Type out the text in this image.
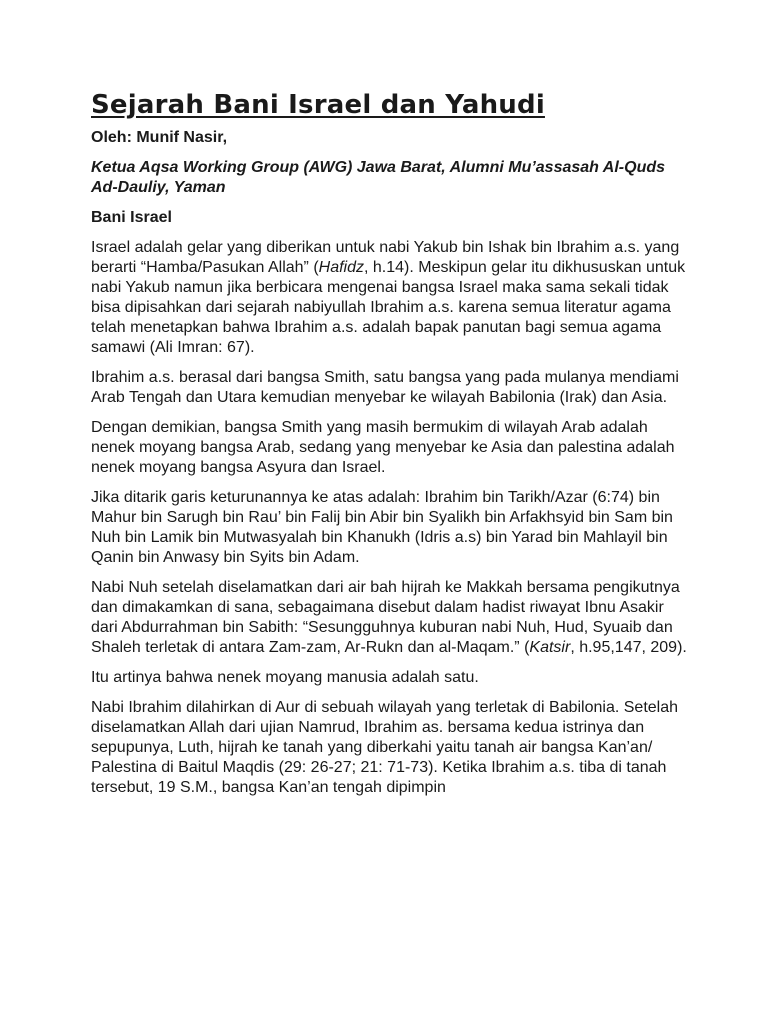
Sejarah Bani Israel dan Yahudi
Oleh: Munif Nasir,
Ketua Aqsa Working Group (AWG) Jawa Barat, Alumni Mu’assasah Al-Quds Ad-Dauliy, Yaman
Bani Israel

Israel adalah gelar yang diberikan untuk nabi Yakub bin Ishak bin Ibrahim a.s. yang berarti “Hamba/Pasukan Allah” (Hafidz, h.14). Meskipun gelar itu dikhususkan untuk nabi Yakub namun jika berbicara mengenai bangsa Israel maka sama sekali tidak bisa dipisahkan dari sejarah nabiyullah Ibrahim a.s. karena semua literatur agama telah menetapkan bahwa Ibrahim a.s. adalah bapak panutan bagi semua agama samawi (Ali Imran: 67).

Ibrahim a.s. berasal dari bangsa Smith, satu bangsa yang pada mulanya mendiami Arab Tengah dan Utara kemudian menyebar ke wilayah Babilonia (Irak) dan Asia.

Dengan demikian, bangsa Smith yang masih bermukim di wilayah Arab adalah nenek moyang bangsa Arab, sedang yang menyebar ke Asia dan palestina adalah nenek moyang bangsa Asyura dan Israel.

Jika ditarik garis keturunannya ke atas adalah: Ibrahim bin Tarikh/Azar (6:74) bin Mahur bin Sarugh bin Rau’ bin Falij bin Abir bin Syalikh bin Arfakhsyid bin Sam bin Nuh bin Lamik bin Mutwasyalah bin Khanukh (Idris a.s) bin Yarad bin Mahlayil bin Qanin bin Anwasy bin Syits bin Adam.

Nabi Nuh setelah diselamatkan dari air bah hijrah ke Makkah bersama pengikutnya dan dimakamkan di sana, sebagaimana disebut dalam hadist riwayat Ibnu Asakir dari Abdurrahman bin Sabith: “Sesungguhnya kuburan nabi Nuh, Hud, Syuaib dan Shaleh terletak di antara Zam-zam, Ar-Rukn dan al-Maqam.” (Katsir, h.95,147, 209).

Itu artinya bahwa nenek moyang manusia adalah satu.

Nabi Ibrahim dilahirkan di Aur di sebuah wilayah yang terletak di Babilonia. Setelah diselamatkan Allah dari ujian Namrud, Ibrahim as. bersama kedua istrinya dan sepupunya, Luth, hijrah ke tanah yang diberkahi yaitu tanah air bangsa Kan’an/ Palestina di Baitul Maqdis (29: 26-27; 21: 71-73). Ketika Ibrahim a.s. tiba di tanah tersebut, 19 S.M., bangsa Kan’an tengah dipimpin
